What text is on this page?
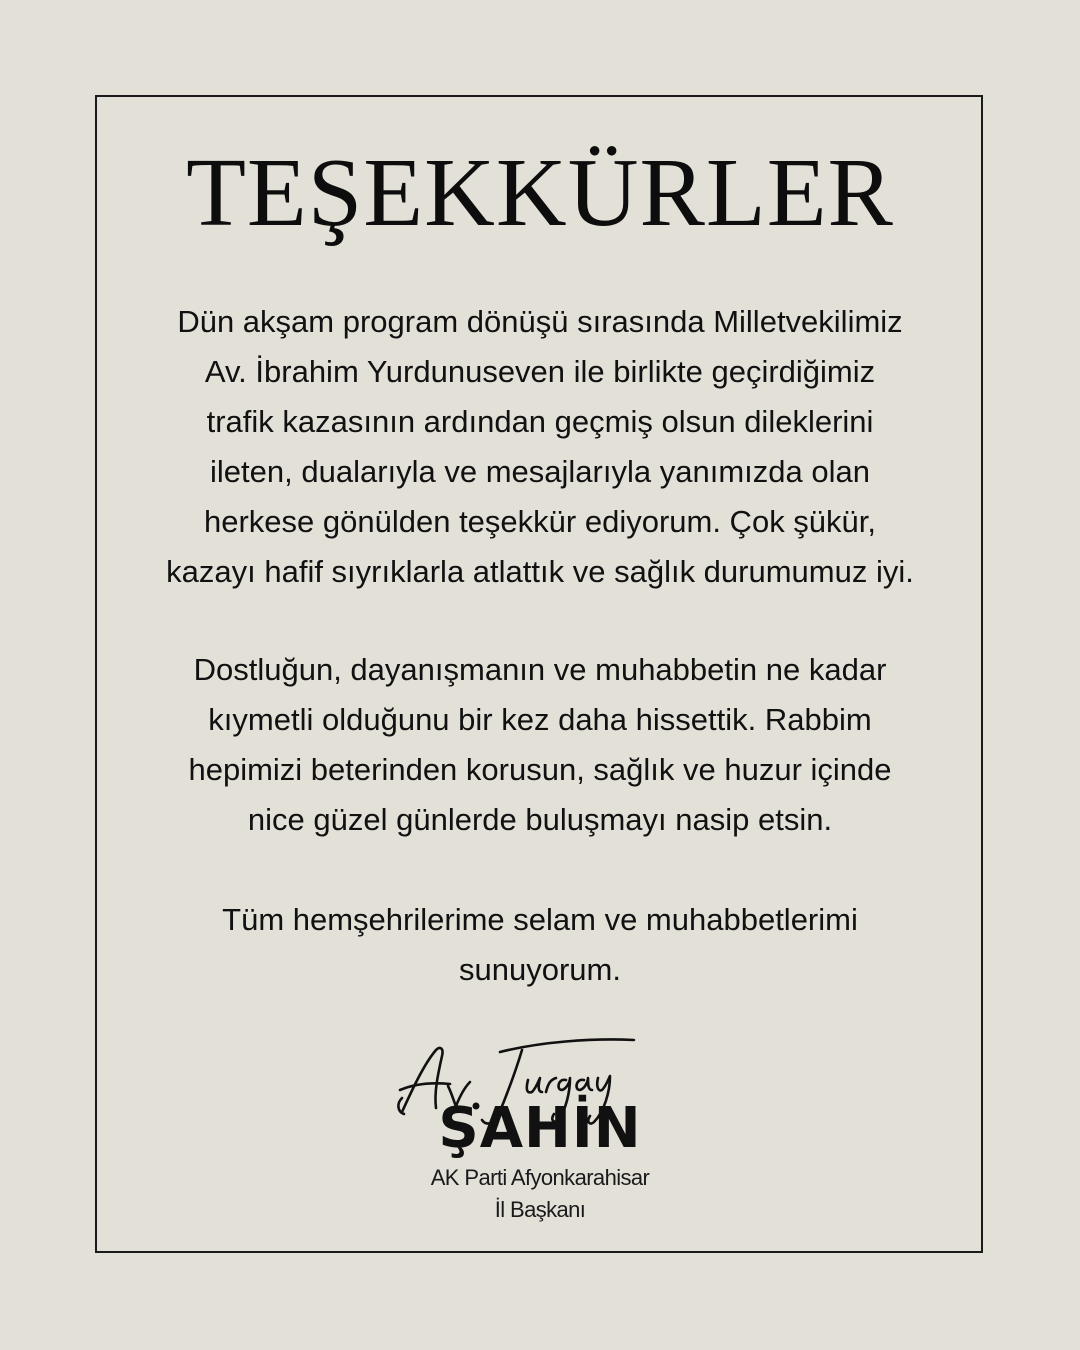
TEŞEKKÜRLER
Dün akşam program dönüşü sırasında Milletvekilimiz
Av. İbrahim Yurdunuseven ile birlikte geçirdiğimiz
trafik kazasının ardından geçmiş olsun dileklerini
ileten, dualarıyla ve mesajlarıyla yanımızda olan
herkese gönülden teşekkür ediyorum. Çok şükür,
kazayı hafif sıyrıklarla atlattık ve sağlık durumumuz iyi.
Dostluğun, dayanışmanın ve muhabbetin ne kadar
kıymetli olduğunu bir kez daha hissettik. Rabbim
hepimizi beterinden korusun, sağlık ve huzur içinde
nice güzel günlerde buluşmayı nasip etsin.
Tüm hemşehrilerime selam ve muhabbetlerimi
sunuyorum.
AK Parti Afyonkarahisar
İl Başkanı
ŞAHİN
